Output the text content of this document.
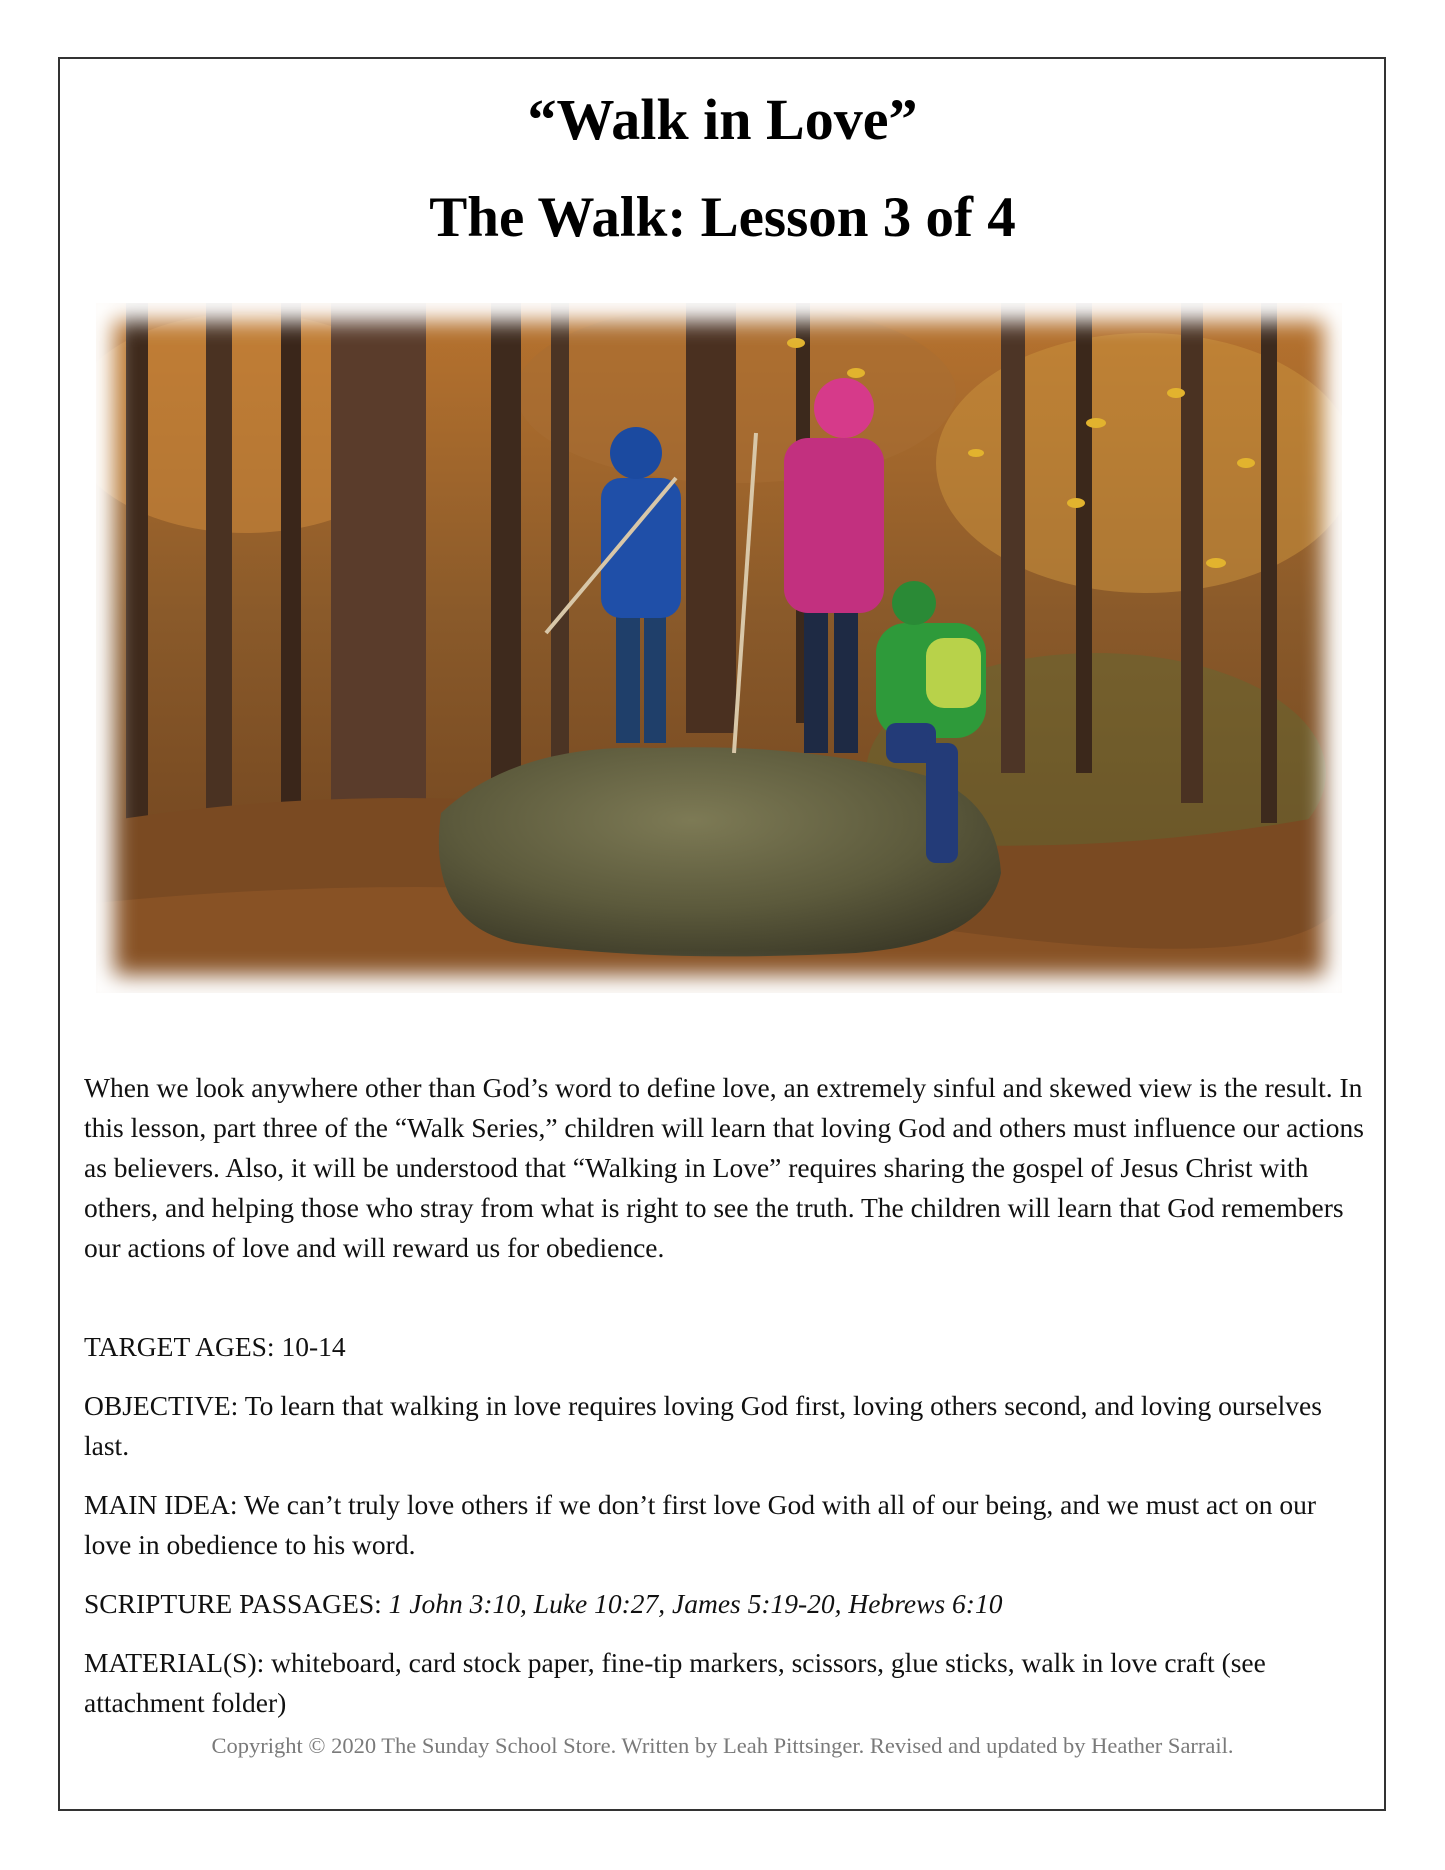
“Walk in Love”
The Walk: Lesson 3 of 4

When we look anywhere other than God’s word to define love, an extremely sinful and skewed view is the result. In this lesson, part three of the “Walk Series,” children will learn that loving God and others must influence our actions as believers. Also, it will be understood that “Walking in Love” requires sharing the gospel of Jesus Christ with others, and helping those who stray from what is right to see the truth. The children will learn that God remembers our actions of love and will reward us for obedience.

TARGET AGES: 10-14

OBJECTIVE: To learn that walking in love requires loving God first, loving others second, and loving ourselves last.

MAIN IDEA: We can’t truly love others if we don’t first love God with all of our being, and we must act on our love in obedience to his word.

SCRIPTURE PASSAGES: 1 John 3:10, Luke 10:27, James 5:19-20, Hebrews 6:10

MATERIAL(S): whiteboard, card stock paper, fine-tip markers, scissors, glue sticks, walk in love craft (see attachment folder)

Copyright © 2020 The Sunday School Store. Written by Leah Pittsinger. Revised and updated by Heather Sarrail.
